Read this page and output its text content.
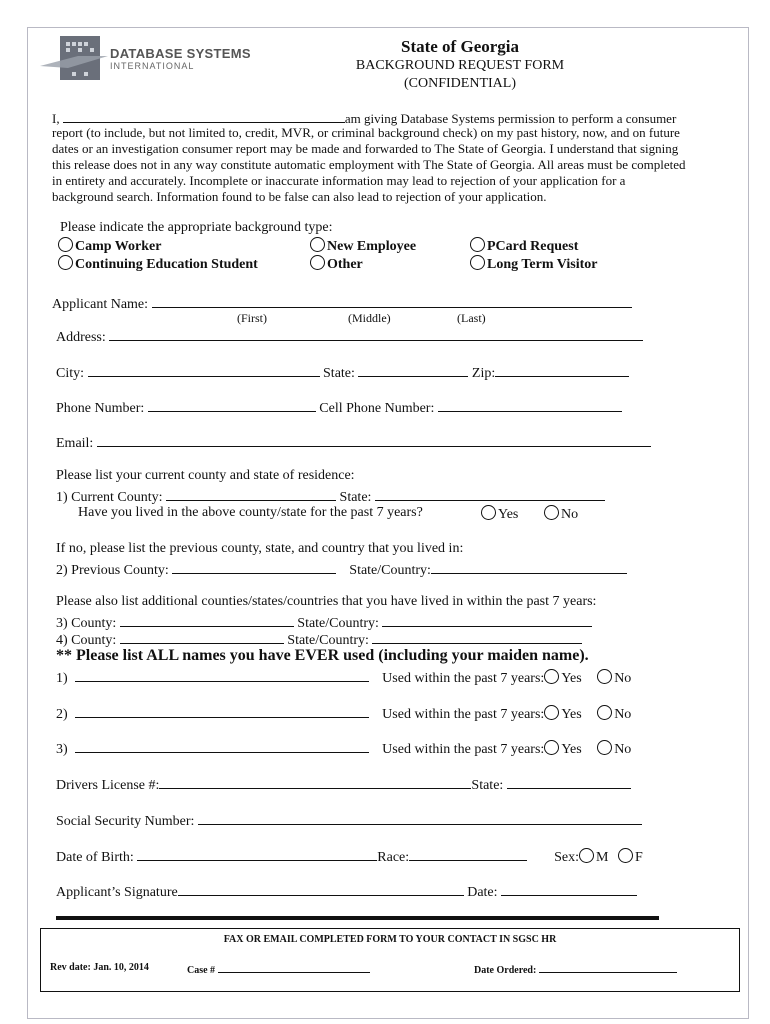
DATABASE SYSTEMS
INTERNATIONAL
State of Georgia
BACKGROUND REQUEST FORM
(CONFIDENTIAL)
I,	am giving Database Systems permission to perform a consumer
report (to include, but not limited to, credit, MVR, or criminal background check) on my past history, now, and on future
dates or an investigation consumer report may be made and forwarded to The State of Georgia. I understand that signing
this release does not in any way constitute automatic employment with The State of Georgia. All areas must be completed
in entirety and accurately. Incomplete or inaccurate information may lead to rejection of your application for a
background search. Information found to be false can also lead to rejection of your application.
Please indicate the appropriate background type:
Camp Worker	New Employee	PCard Request
Continuing Education Student	Other	Long Term Visitor
Applicant Name:
(First)	(Middle)	(Last)
Address:
City:	State:	Zip:
Phone Number:	Cell Phone Number:
Email:
Please list your current county and state of residence:
1) Current County:	State:
Have you lived in the above county/state for the past 7 years?	Yes	No
If no, please list the previous county, state, and country that you lived in:
2) Previous County:	State/Country:
Please also list additional counties/states/countries that you have lived in within the past 7 years:
3) County:	State/Country:
4) County:	State/Country:
** Please list ALL names you have EVER used (including your maiden name).
1)	Used within the past 7 years: Yes No
2)	Used within the past 7 years: Yes No
3)	Used within the past 7 years: Yes No
Drivers License #:	State:
Social Security Number:
Date of Birth:	Race:	Sex: M F
Applicant’s Signature	Date:
FAX OR EMAIL COMPLETED FORM TO YOUR CONTACT IN SGSC HR
Rev date: Jan. 10, 2014	Case #	Date Ordered:
